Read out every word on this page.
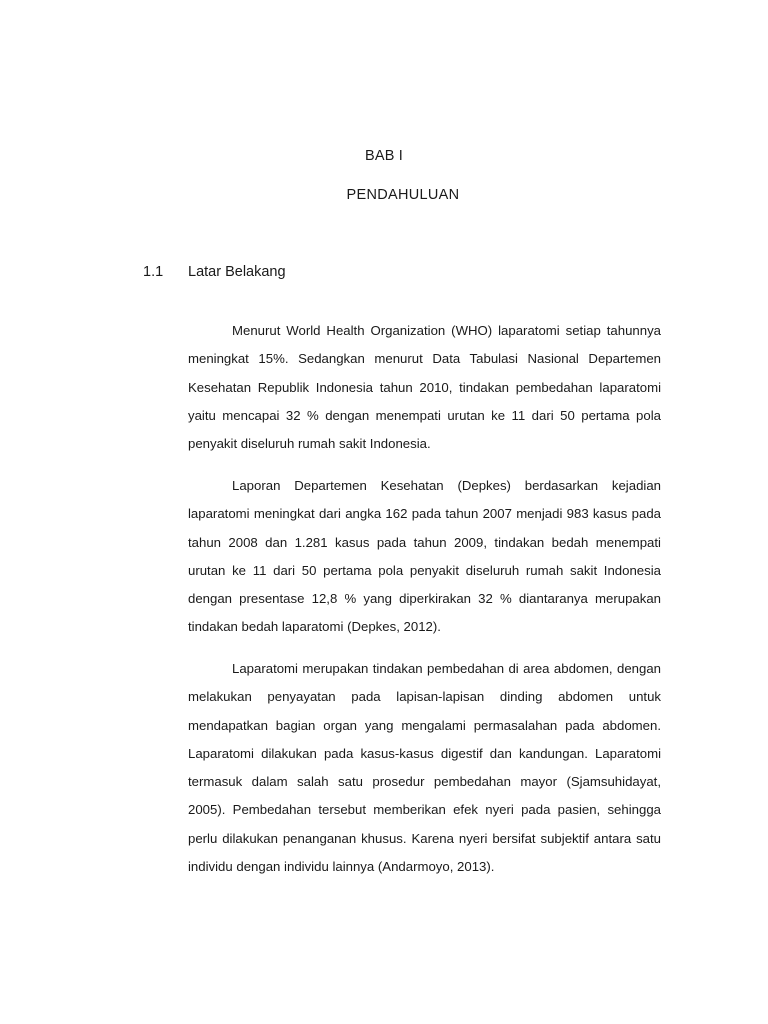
BAB I
PENDAHULUAN
1.1 Latar Belakang

Menurut World Health Organization (WHO) laparatomi setiap tahunnya meningkat 15%. Sedangkan menurut Data Tabulasi Nasional Departemen Kesehatan Republik Indonesia tahun 2010, tindakan pembedahan laparatomi yaitu mencapai 32 % dengan menempati urutan ke 11 dari 50 pertama pola penyakit diseluruh rumah sakit Indonesia.

Laporan Departemen Kesehatan (Depkes) berdasarkan kejadian laparatomi meningkat dari angka 162 pada tahun 2007 menjadi 983 kasus pada tahun 2008 dan 1.281 kasus pada tahun 2009, tindakan bedah menempati urutan ke 11 dari 50 pertama pola penyakit diseluruh rumah sakit Indonesia dengan presentase 12,8 % yang diperkirakan 32 % diantaranya merupakan tindakan bedah laparatomi (Depkes, 2012).

Laparatomi merupakan tindakan pembedahan di area abdomen, dengan melakukan penyayatan pada lapisan-lapisan dinding abdomen untuk mendapatkan bagian organ yang mengalami permasalahan pada abdomen. Laparatomi dilakukan pada kasus-kasus digestif dan kandungan. Laparatomi termasuk dalam salah satu prosedur pembedahan mayor (Sjamsuhidayat, 2005). Pembedahan tersebut memberikan efek nyeri pada pasien, sehingga perlu dilakukan penanganan khusus. Karena nyeri bersifat subjektif antara satu individu dengan individu lainnya (Andarmoyo, 2013).
